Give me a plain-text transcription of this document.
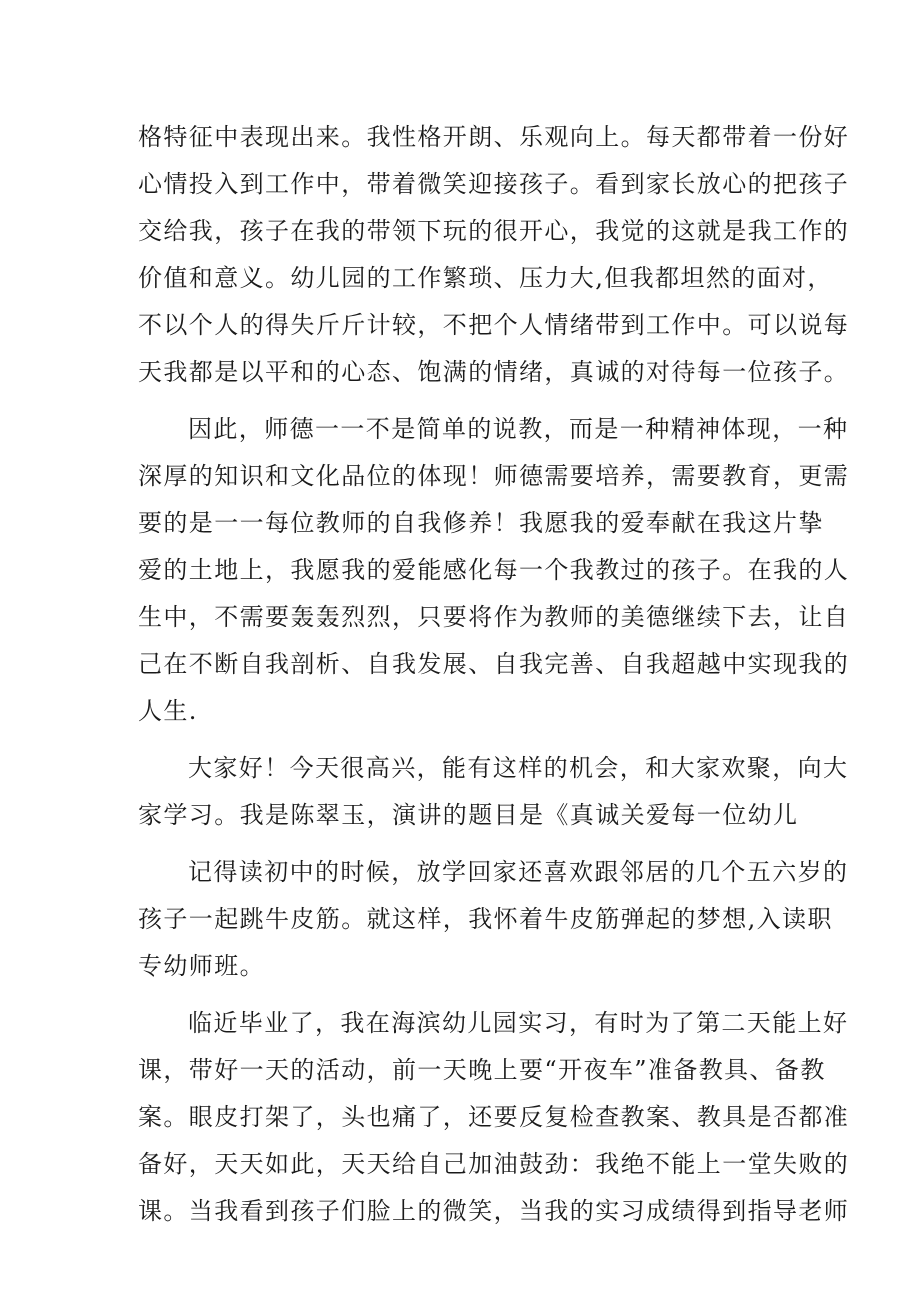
格特征中表现出来。我性格开朗、乐观向上。每天都带着一份好
心情投入到工作中，带着微笑迎接孩子。看到家长放心的把孩子
交给我，孩子在我的带领下玩的很开心，我觉的这就是我工作的
价值和意义。幼儿园的工作繁琐、压力大,但我都坦然的面对，
不以个人的得失斤斤计较，不把个人情绪带到工作中。可以说每
天我都是以平和的心态、饱满的情绪，真诚的对待每一位孩子。
因此，师德一一不是简单的说教，而是一种精神体现，一种
深厚的知识和文化品位的体现！师德需要培养，需要教育，更需
要的是一一每位教师的自我修养！我愿我的爱奉献在我这片挚
爱的土地上，我愿我的爱能感化每一个我教过的孩子。在我的人
生中，不需要轰轰烈烈，只要将作为教师的美德继续下去，让自
己在不断自我剖析、自我发展、自我完善、自我超越中实现我的
人生.
大家好！今天很高兴，能有这样的机会，和大家欢聚，向大
家学习。我是陈翠玉，演讲的题目是《真诚关爱每一位幼儿
记得读初中的时候，放学回家还喜欢跟邻居的几个五六岁的
孩子一起跳牛皮筋。就这样，我怀着牛皮筋弹起的梦想,入读职
专幼师班。
临近毕业了，我在海滨幼儿园实习，有时为了第二天能上好
课，带好一天的活动，前一天晚上要“开夜车”准备教具、备教
案。眼皮打架了，头也痛了，还要反复检查教案、教具是否都准
备好，天天如此，天天给自己加油鼓劲：我绝不能上一堂失败的
课。当我看到孩子们脸上的微笑，当我的实习成绩得到指导老师
